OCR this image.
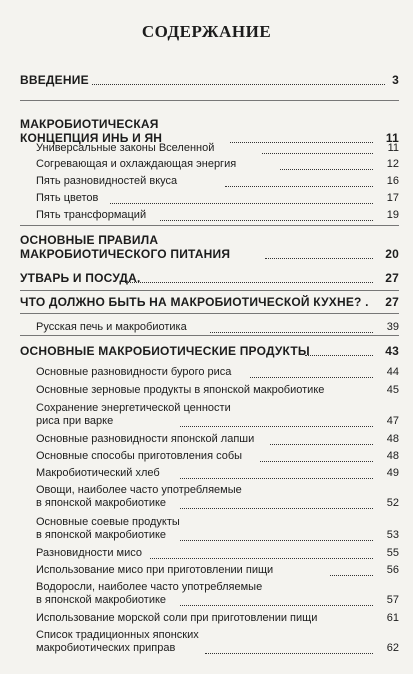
СОДЕРЖАНИЕ
ВВЕДЕНИЕ	3
МАКРОБИОТИЧЕСКАЯ
КОНЦЕПЦИЯ ИНЬ И ЯН	11
Универсальные законы Вселенной	11
Согревающая и охлаждающая энергия	12
Пять разновидностей вкуса	16
Пять цветов	17
Пять трансформаций	19
ОСНОВНЫЕ ПРАВИЛА
МАКРОБИОТИЧЕСКОГО ПИТАНИЯ	20
УТВАРЬ И ПОСУДА.	27
ЧТО ДОЛЖНО БЫТЬ НА МАКРОБИОТИЧЕСКОЙ КУХНЕ? . 27
Русская печь и макробиотика	39
ОСНОВНЫЕ МАКРОБИОТИЧЕСКИЕ ПРОДУКТЫ	43
Основные разновидности бурого риса	44
Основные зерновые продукты в японской макробиотике	45
Сохранение энергетической ценности
риса при варке	47
Основные разновидности японской лапши	48
Основные способы приготовления собы	48
Макробиотический хлеб	49
Овощи, наиболее часто употребляемые
в японской макробиотике	52
Основные соевые продукты
в японской макробиотике	53
Разновидности мисо	55
Использование мисо при приготовлении пищи	56
Водоросли, наиболее часто употребляемые
в японской макробиотике	57
Использование морской соли при приготовлении пищи	61
Список традиционных японских
макробиотических приправ	62
